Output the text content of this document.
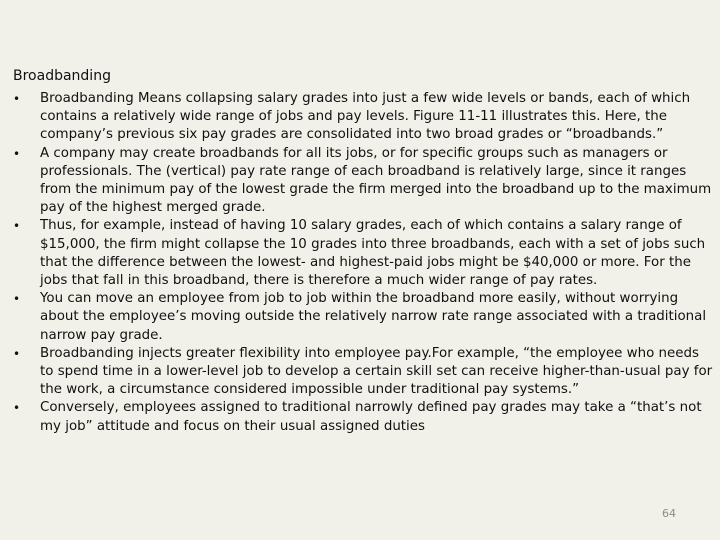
Broadbanding
• Broadbanding Means collapsing salary grades into just a few wide levels or bands, each of which contains a relatively wide range of jobs and pay levels. Figure 11-11 illustrates this. Here, the company’s previous six pay grades are consolidated into two broad grades or “broadbands.”
• A company may create broadbands for all its jobs, or for specific groups such as managers or professionals. The (vertical) pay rate range of each broadband is relatively large, since it ranges from the minimum pay of the lowest grade the firm merged into the broadband up to the maximum pay of the highest merged grade.
• Thus, for example, instead of having 10 salary grades, each of which contains a salary range of $15,000, the firm might collapse the 10 grades into three broadbands, each with a set of jobs such that the difference between the lowest- and highest-paid jobs might be $40,000 or more. For the jobs that fall in this broadband, there is therefore a much wider range of pay rates.
• You can move an employee from job to job within the broadband more easily, without worrying about the employee’s moving outside the relatively narrow rate range associated with a traditional narrow pay grade.
• Broadbanding injects greater flexibility into employee pay.For example, “the employee who needs to spend time in a lower-level job to develop a certain skill set can receive higher-than-usual pay for the work, a circumstance considered impossible under traditional pay systems.”
• Conversely, employees assigned to traditional narrowly defined pay grades may take a “that’s not my job” attitude and focus on their usual assigned duties
64
